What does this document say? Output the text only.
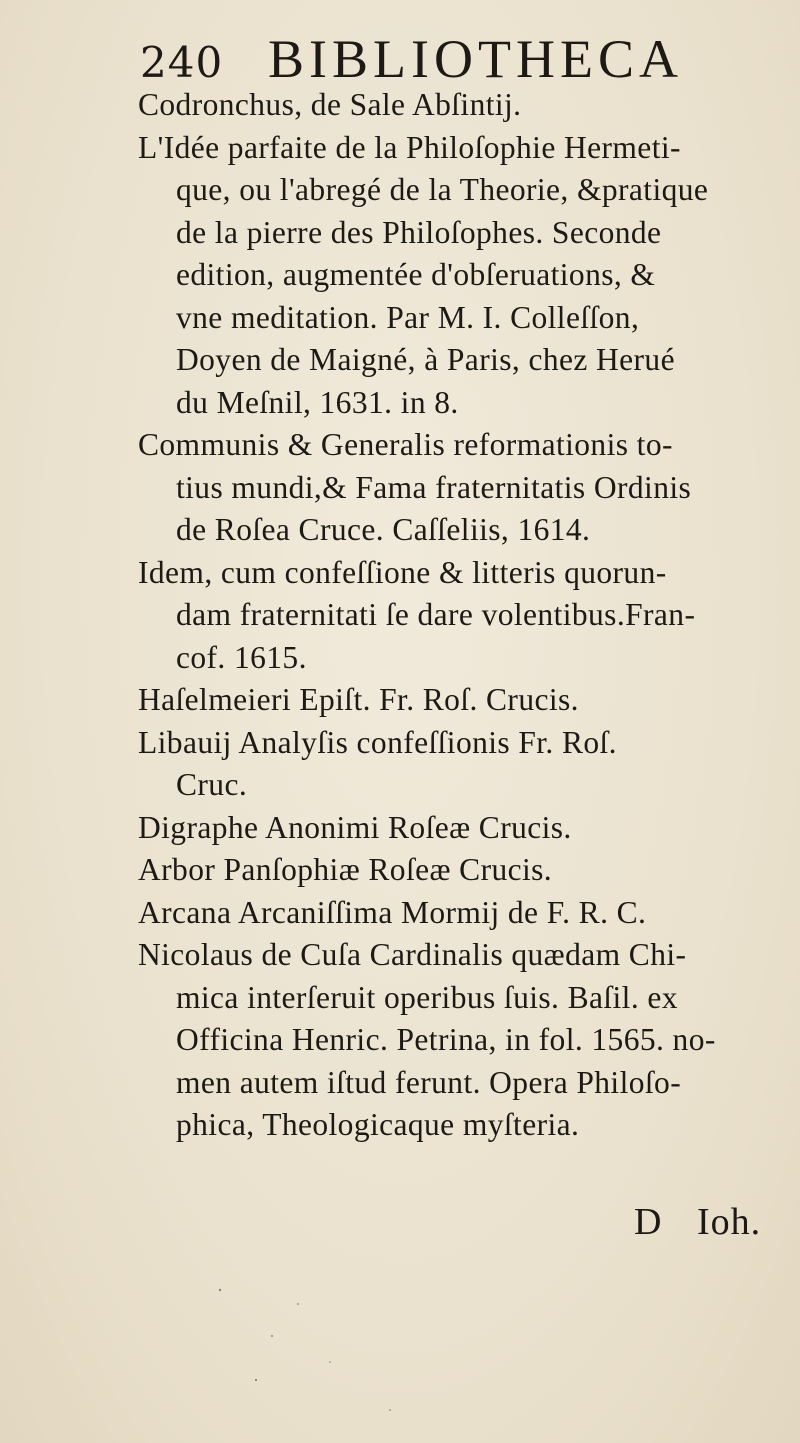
240 BIBLIOTHECA
Codronchus, de Sale Abſintij.
L'Idée parfaite de la Philoſophie Hermeti-
que, ou l'abregé de la Theorie, &pratique
de la pierre des Philoſophes. Seconde
edition, augmentée d'obſeruations, &
vne meditation. Par M. I. Colleſſon,
Doyen de Maigné, à Paris, chez Herué
du Meſnil, 1631. in 8.
Communis & Generalis reformationis to-
tius mundi,& Fama fraternitatis Ordinis
de Roſea Cruce. Caſſeliis, 1614.
Idem, cum confeſſione & litteris quorun-
dam fraternitati ſe dare volentibus.Fran-
cof. 1615.
Haſelmeieri Epiſt. Fr. Roſ. Crucis.
Libauij Analyſis confeſſionis Fr. Roſ.
Cruc.
Digraphe Anonimi Roſeæ Crucis.
Arbor Panſophiæ Roſeæ Crucis.
Arcana Arcaniſſima Mormij de F. R. C.
Nicolaus de Cuſa Cardinalis quædam Chi-
mica interſeruit operibus ſuis. Baſil. ex
Officina Henric. Petrina, in fol. 1565. no-
men autem iſtud ferunt. Opera Philoſo-
phica, Theologicaque myſteria.
D Ioh.
